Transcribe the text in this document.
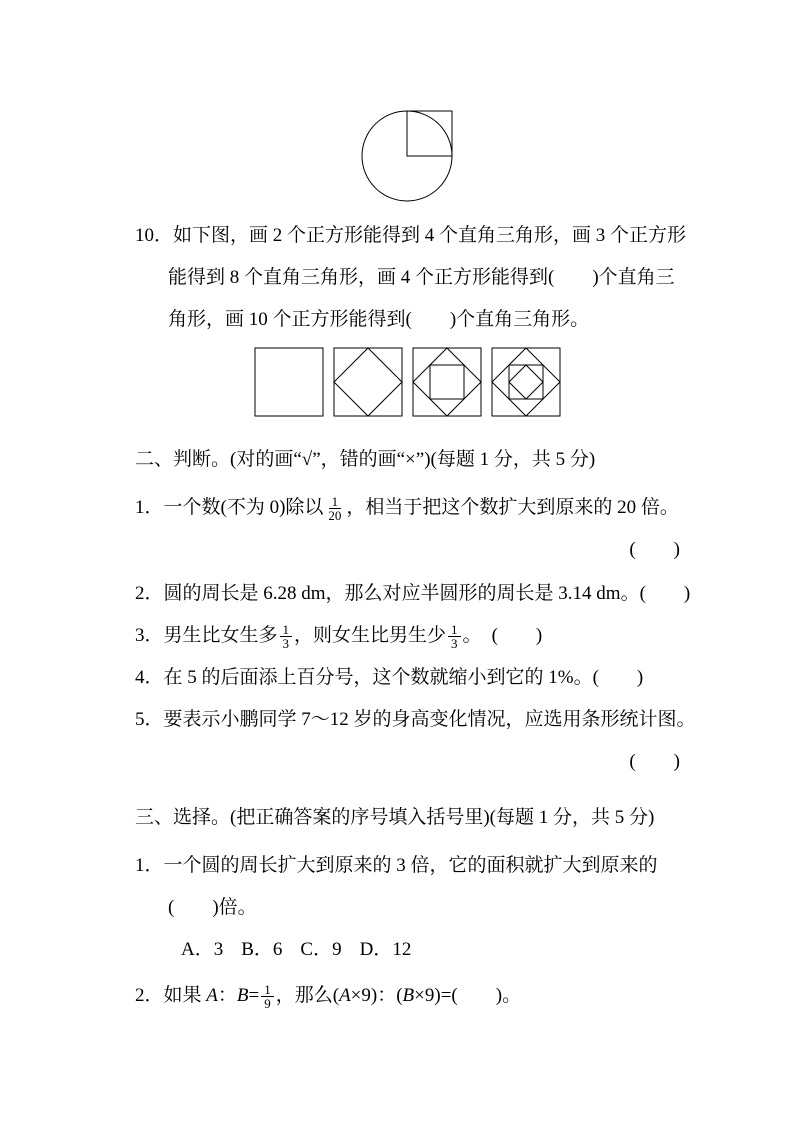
10．如下图，画 2 个正方形能得到 4 个直角三角形，画 3 个正方形
能得到 8 个直角三角形，画 4 个正方形能得到(　　)个直角三
角形，画 10 个正方形能得到(　　)个直角三角形。
二、判断。(对的画“√”，错的画“×”)(每题 1 分，共 5 分)
1．一个数(不为 0)除以 $\frac{1}{20}$ ，相当于把这个数扩大到原来的 20 倍。
(　　)
2．圆的周长是 6.28 dm，那么对应半圆形的周长是 3.14 dm。(　　)
3．男生比女生多 $\frac{1}{3}$ ，则女生比男生少 $\frac{1}{3}$ 。 (　　)
4．在 5 的后面添上百分号，这个数就缩小到它的 1%。(　　)
5．要表示小鹏同学 7～12 岁的身高变化情况，应选用条形统计图。
(　　)
三、选择。(把正确答案的序号填入括号里)(每题 1 分，共 5 分)
1．一个圆的周长扩大到原来的 3 倍，它的面积就扩大到原来的
(　　)倍。
A．3 B．6 C．9 D．12
2．如果 A：$B= \frac{1}{9}$ ，那么(A×9)：(B×9)=(　　)。
